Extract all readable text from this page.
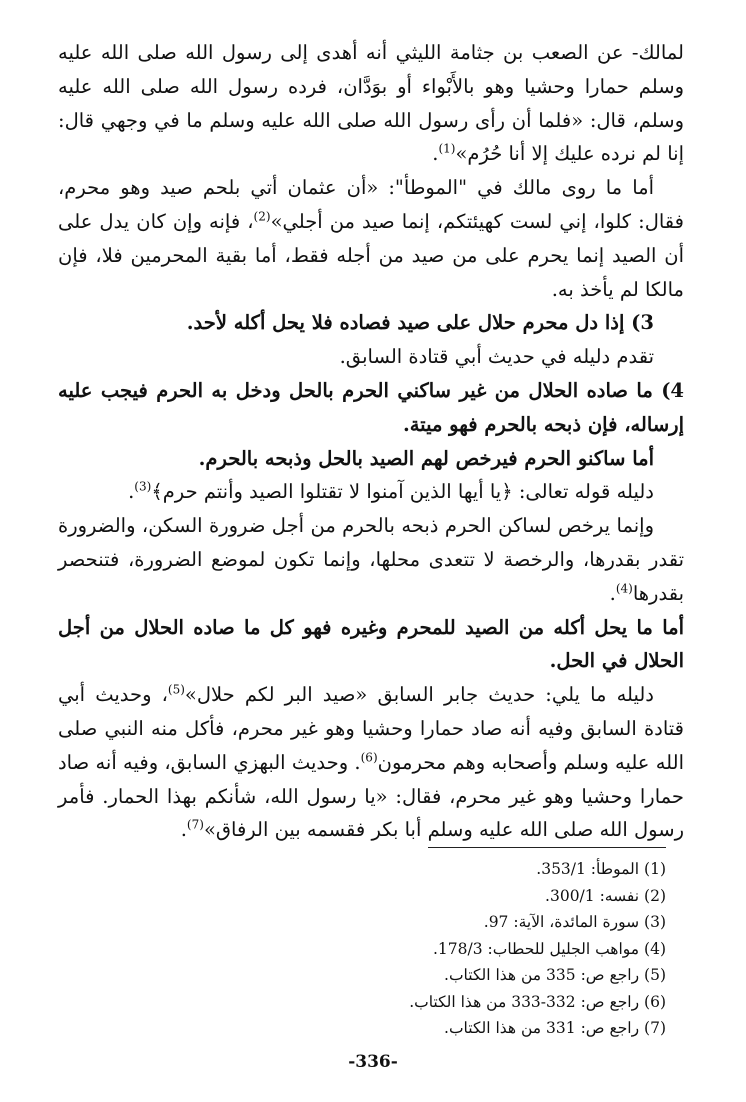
لمالك- عن الصعب بن جثامة الليثي أنه أهدى إلى رسول الله صلى الله عليه وسلم حمارا وحشيا وهو بالأَبْواء أو بوَدَّان، فرده رسول الله صلى الله عليه وسلم، قال: «فلما أن رأى رسول الله صلى الله عليه وسلم ما في وجهي قال: إنا لم نرده عليك إلا أنا حُرُم»$^{(1)}$.

أما ما روى مالك في "الموطأ": «أن عثمان أتي بلحم صيد وهو محرم، فقال: كلوا، إني لست كهيئتكم، إنما صيد من أجلي»$^{(2)}$، فإنه وإن كان يدل على أن الصيد إنما يحرم على من صيد من أجله فقط، أما بقية المحرمين فلا، فإن مالكا لم يأخذ به.

3) إذا دل محرم حلال على صيد فصاده فلا يحل أكله لأحد.

تقدم دليله في حديث أبي قتادة السابق.

4) ما صاده الحلال من غير ساكني الحرم بالحل ودخل به الحرم فيجب عليه إرساله، فإن ذبحه بالحرم فهو ميتة.

أما ساكنو الحرم فيرخص لهم الصيد بالحل وذبحه بالحرم.

دليله قوله تعالى: ﴿يا أيها الذين آمنوا لا تقتلوا الصيد وأنتم حرم﴾$^{(3)}$.

وإنما يرخص لساكن الحرم ذبحه بالحرم من أجل ضرورة السكن، والضرورة تقدر بقدرها، والرخصة لا تتعدى محلها، وإنما تكون لموضع الضرورة، فتنحصر بقدرها$^{(4)}$.

أما ما يحل أكله من الصيد للمحرم وغيره فهو كل ما صاده الحلال من أجل الحلال في الحل.

دليله ما يلي: حديث جابر السابق «صيد البر لكم حلال»$^{(5)}$، وحديث أبي قتادة السابق وفيه أنه صاد حمارا وحشيا وهو غير محرم، فأكل منه النبي صلى الله عليه وسلم وأصحابه وهم محرمون$^{(6)}$. وحديث البهزي السابق، وفيه أنه صاد حمارا وحشيا وهو غير محرم، فقال: «يا رسول الله، شأنكم بهذا الحمار. فأمر رسول الله صلى الله عليه وسلم أبا بكر فقسمه بين الرفاق»$^{(7)}$.

(1) الموطأ: 353/1.
(2) نفسه: 300/1.
(3) سورة المائدة، الآية: 97.
(4) مواهب الجليل للحطاب: 178/3.
(5) راجع ص: 335 من هذا الكتاب.
(6) راجع ص: 332-333 من هذا الكتاب.
(7) راجع ص: 331 من هذا الكتاب.
-336-
